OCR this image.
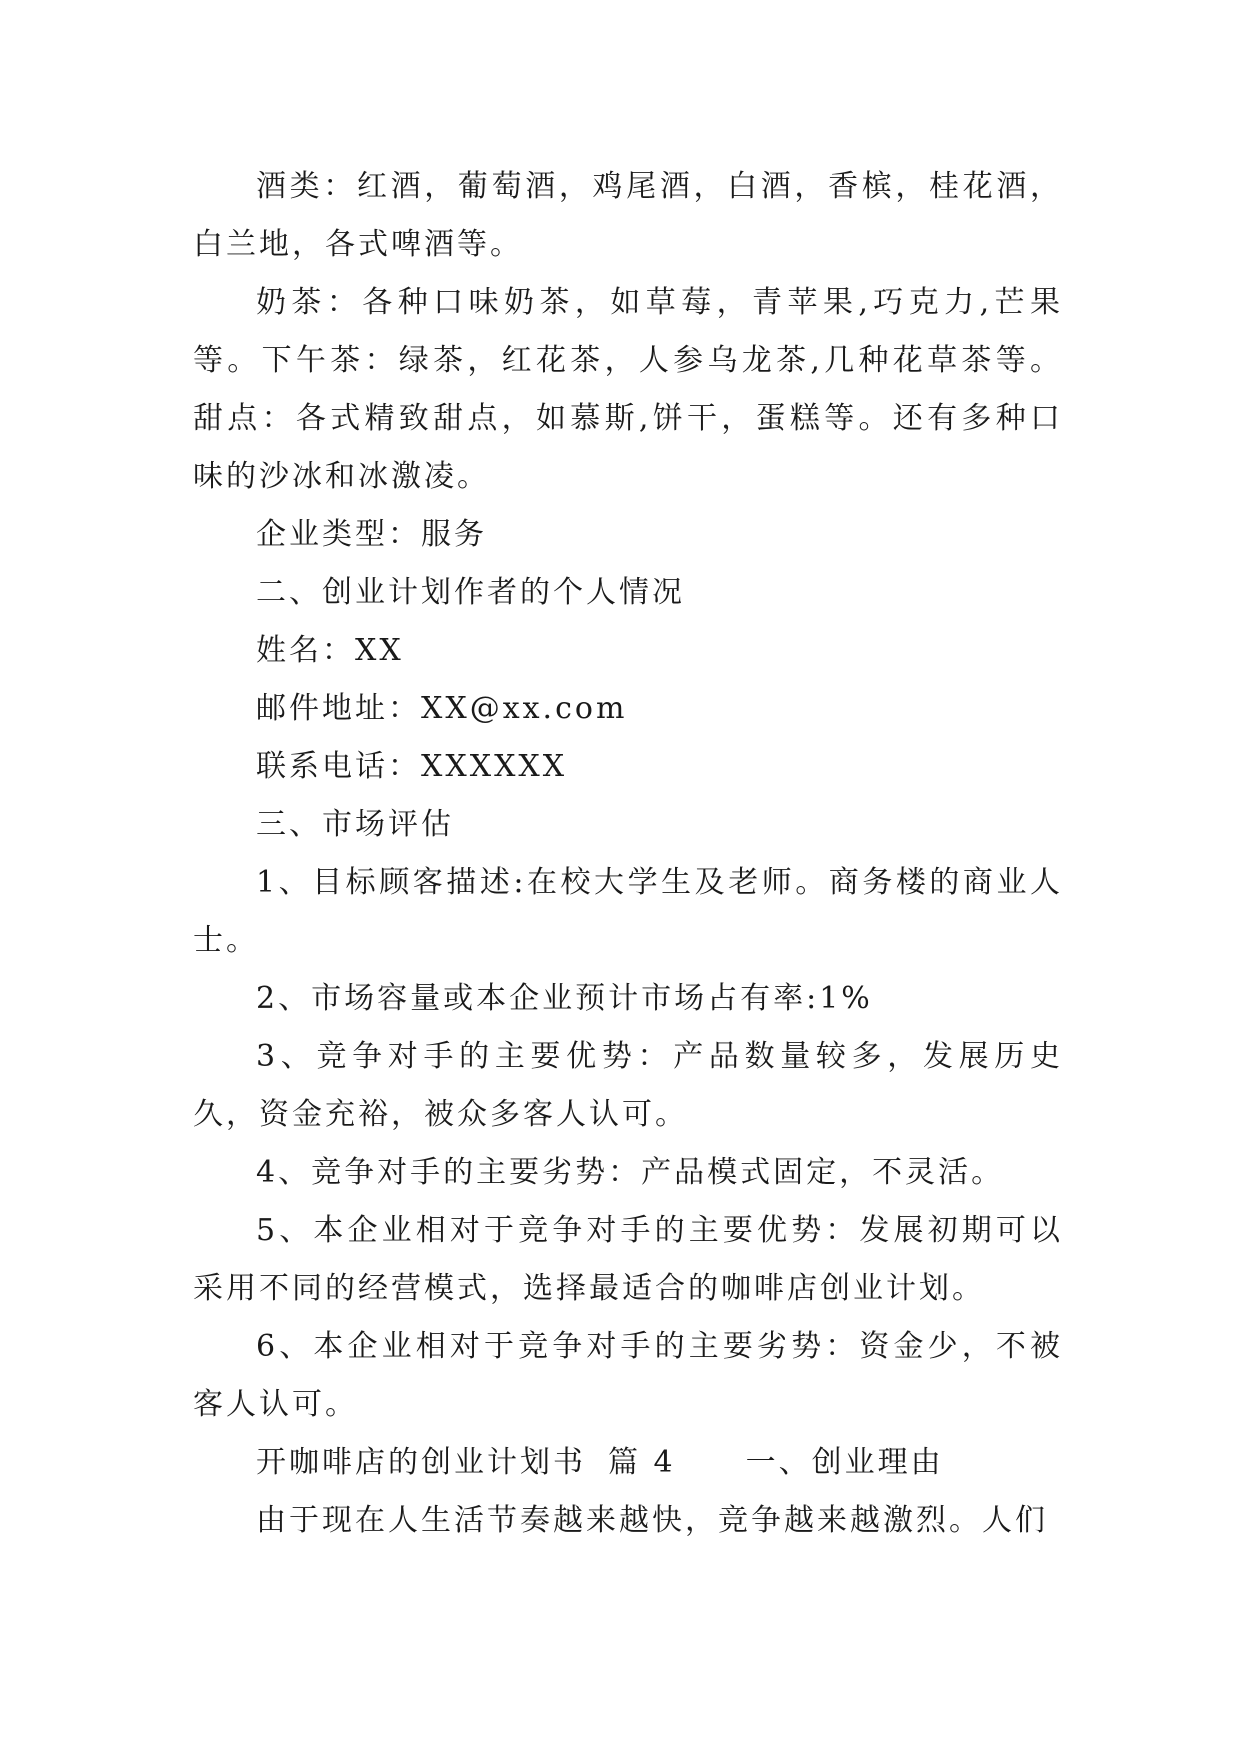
酒类：红酒，葡萄酒，鸡尾酒，白酒，香槟，桂花酒，白兰地，各式啤酒等。

奶茶：各种口味奶茶，如草莓，青苹果,巧克力,芒果等。下午茶：绿茶，红花茶，人参乌龙茶,几种花草茶等。甜点：各式精致甜点，如慕斯,饼干，蛋糕等。还有多种口味的沙冰和冰激凌。

企业类型：服务

二、创业计划作者的个人情况

姓名：XX

邮件地址：XX@xx.com

联系电话：XXXXXX

三、市场评估

1、目标顾客描述:在校大学生及老师。商务楼的商业人士。

2、市场容量或本企业预计市场占有率:1%

3、竞争对手的主要优势：产品数量较多，发展历史久，资金充裕，被众多客人认可。

4、竞争对手的主要劣势：产品模式固定，不灵活。

5、本企业相对于竞争对手的主要优势：发展初期可以采用不同的经营模式，选择最适合的咖啡店创业计划。

6、本企业相对于竞争对手的主要劣势：资金少，不被客人认可。

开咖啡店的创业计划书 篇 4 一、创业理由

由于现在人生活节奏越来越快，竞争越来越激烈。人们
